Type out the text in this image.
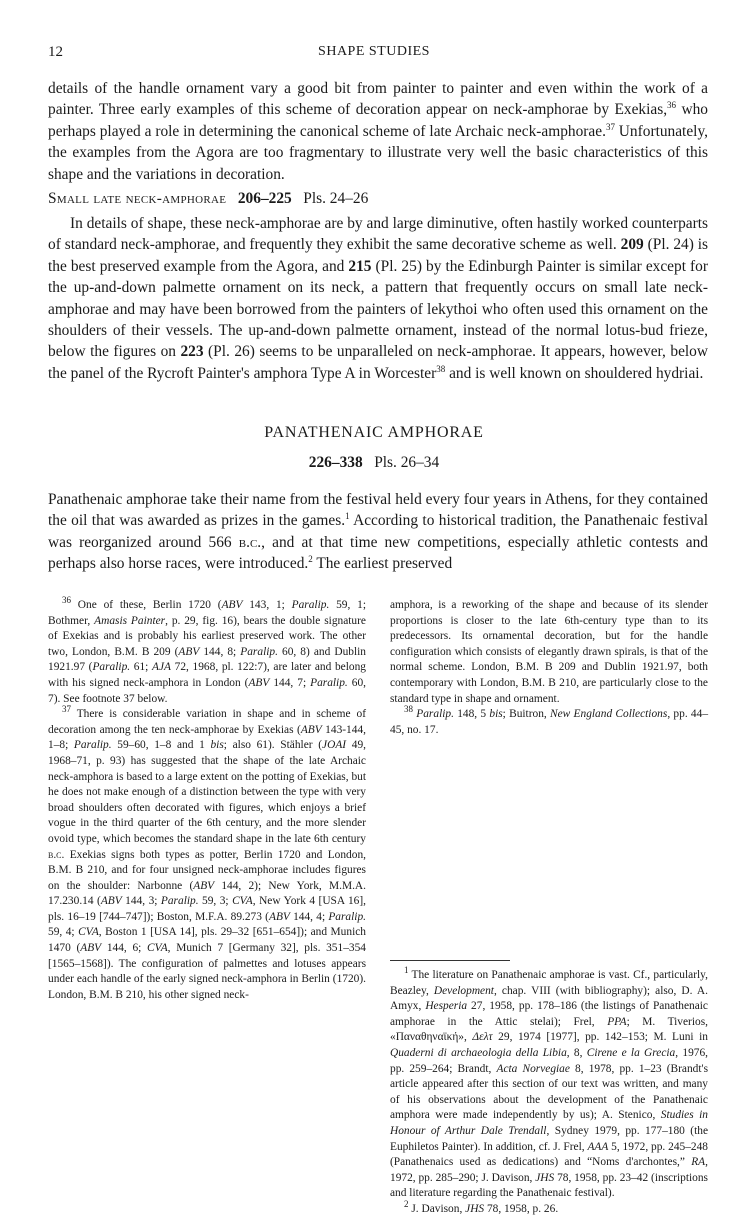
12	SHAPE STUDIES

details of the handle ornament vary a good bit from painter to painter and even within the work of a painter. Three early examples of this scheme of decoration appear on neck-amphorae by Exekias,$^{36}$ who perhaps played a role in determining the canonical scheme of late Archaic neck-amphorae.$^{37}$ Unfortunately, the examples from the Agora are too fragmentary to illustrate very well the basic characteristics of this shape and the variations in decoration.

Small late neck-amphorae 206–225 Pls. 24–26

In details of shape, these neck-amphorae are by and large diminutive, often hastily worked counterparts of standard neck-amphorae, and frequently they exhibit the same decorative scheme as well. 209 (Pl. 24) is the best preserved example from the Agora, and 215 (Pl. 25) by the Edinburgh Painter is similar except for the up-and-down palmette ornament on its neck, a pattern that frequently occurs on small late neck-amphorae and may have been borrowed from the painters of lekythoi who often used this ornament on the shoulders of their vessels. The up-and-down palmette ornament, instead of the normal lotus-bud frieze, below the figures on 223 (Pl. 26) seems to be unparalleled on neck-amphorae. It appears, however, below the panel of the Rycroft Painter's amphora Type A in Worcester$^{38}$ and is well known on shouldered hydriai.

PANATHENAIC AMPHORAE
226–338 Pls. 26–34

Panathenaic amphorae take their name from the festival held every four years in Athens, for they contained the oil that was awarded as prizes in the games.$^1$ According to historical tradition, the Panathenaic festival was reorganized around 566 b.c., and at that time new competitions, especially athletic contests and perhaps also horse races, were introduced.$^2$ The earliest preserved

$^{36}$ One of these, Berlin 1720 (ABV 143, 1; Paralip. 59, 1; Bothmer, Amasis Painter, p. 29, fig. 16), bears the double signature of Exekias and is probably his earliest preserved work. The other two, London, B.M. B 209 (ABV 144, 8; Paralip. 60, 8) and Dublin 1921.97 (Paralip. 61; AJA 72, 1968, pl. 122:7), are later and belong with his signed neck-amphora in London (ABV 144, 7; Paralip. 60, 7). See footnote 37 below.

$^{37}$ There is considerable variation in shape and in scheme of decoration among the ten neck-amphorae by Exekias (ABV 143-144, 1–8; Paralip. 59–60, 1–8 and 1 bis; also 61). Stähler (JOAI 49, 1968–71, p. 93) has suggested that the shape of the late Archaic neck-amphora is based to a large extent on the potting of Exekias, but he does not make enough of a distinction between the type with very broad shoulders often decorated with figures, which enjoys a brief vogue in the third quarter of the 6th century, and the more slender ovoid type, which becomes the standard shape in the late 6th century b.c. Exekias signs both types as potter, Berlin 1720 and London, B.M. B 210, and for four unsigned neck-amphorae includes figures on the shoulder: Narbonne (ABV 144, 2); New York, M.M.A. 17.230.14 (ABV 144, 3; Paralip. 59, 3; CVA, New York 4 [USA 16], pls. 16–19 [744–747]); Boston, M.F.A. 89.273 (ABV 144, 4; Paralip. 59, 4; CVA, Boston 1 [USA 14], pls. 29–32 [651–654]); and Munich 1470 (ABV 144, 6; CVA, Munich 7 [Germany 32], pls. 351–354 [1565–1568]). The configuration of palmettes and lotuses appears under each handle of the early signed neck-amphora in Berlin (1720). London, B.M. B 210, his other signed neck-

amphora, is a reworking of the shape and because of its slender proportions is closer to the late 6th-century type than to its predecessors. Its ornamental decoration, but for the handle configuration which consists of elegantly drawn spirals, is that of the normal scheme. London, B.M. B 209 and Dublin 1921.97, both contemporary with London, B.M. B 210, are particularly close to the standard type in shape and ornament.

$^{38}$ Paralip. 148, 5 bis; Buitron, New England Collections, pp. 44–45, no. 17.

$^1$ The literature on Panathenaic amphorae is vast. Cf., particularly, Beazley, Development, chap. VIII (with bibliography); also, D. A. Amyx, Hesperia 27, 1958, pp. 178–186 (the listings of Panathenaic amphorae in the Attic stelai); Frel, PPA; M. Tiverios, «Παναθηναϊκή», Δελτ 29, 1974 [1977], pp. 142–153; M. Luni in Quaderni di archaeologia della Libia, 8, Cirene e la Grecia, 1976, pp. 259–264; Brandt, Acta Norvegiae 8, 1978, pp. 1–23 (Brandt's article appeared after this section of our text was written, and many of his observations about the development of the Panathenaic amphora were made independently by us); A. Stenico, Studies in Honour of Arthur Dale Trendall, Sydney 1979, pp. 177–180 (the Euphiletos Painter). In addition, cf. J. Frel, AAA 5, 1972, pp. 245–248 (Panathenaics used as dedications) and “Noms d'archontes,” RA, 1972, pp. 285–290; J. Davison, JHS 78, 1958, pp. 23–42 (inscriptions and literature regarding the Panathenaic festival).

$^2$ J. Davison, JHS 78, 1958, p. 26.
